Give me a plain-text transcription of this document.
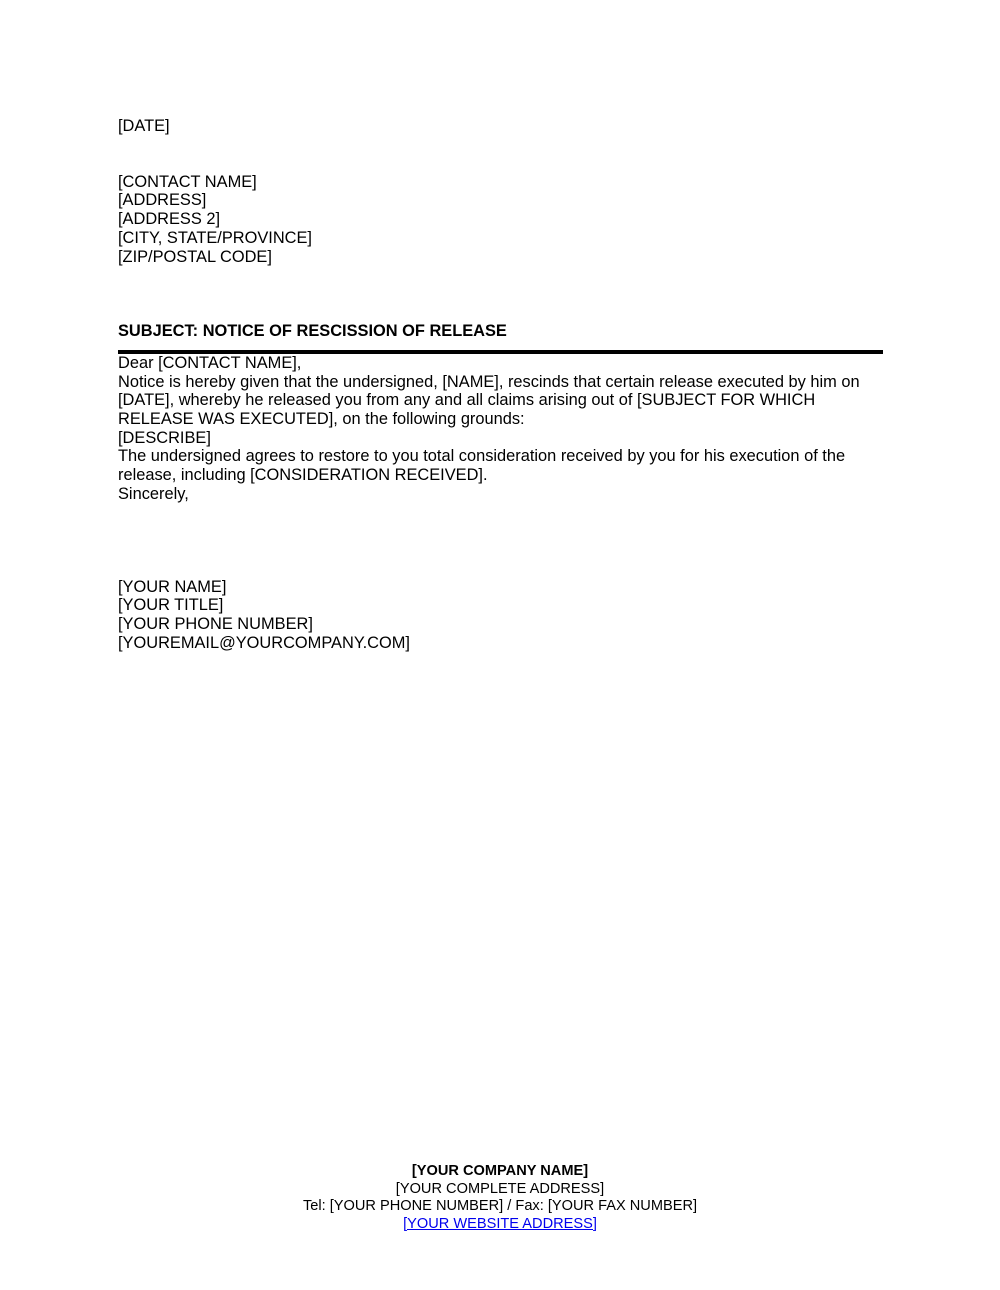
[DATE]

[CONTACT NAME]
[ADDRESS]
[ADDRESS 2]
[CITY, STATE/PROVINCE]
[ZIP/POSTAL CODE]
SUBJECT: NOTICE OF RESCISSION OF RELEASE

Dear [CONTACT NAME],

Notice is hereby given that the undersigned, [NAME], rescinds that certain release executed by him on [DATE], whereby he released you from any and all claims arising out of [SUBJECT FOR WHICH RELEASE WAS EXECUTED], on the following grounds:

[DESCRIBE]

The undersigned agrees to restore to you total consideration received by you for his execution of the release, including [CONSIDERATION RECEIVED].

Sincerely,

[YOUR NAME]
[YOUR TITLE]
[YOUR PHONE NUMBER]
[YOUREMAIL@YOURCOMPANY.COM]
[YOUR COMPANY NAME]
[YOUR COMPLETE ADDRESS]
Tel: [YOUR PHONE NUMBER] / Fax: [YOUR FAX NUMBER]
[YOUR WEBSITE ADDRESS]
